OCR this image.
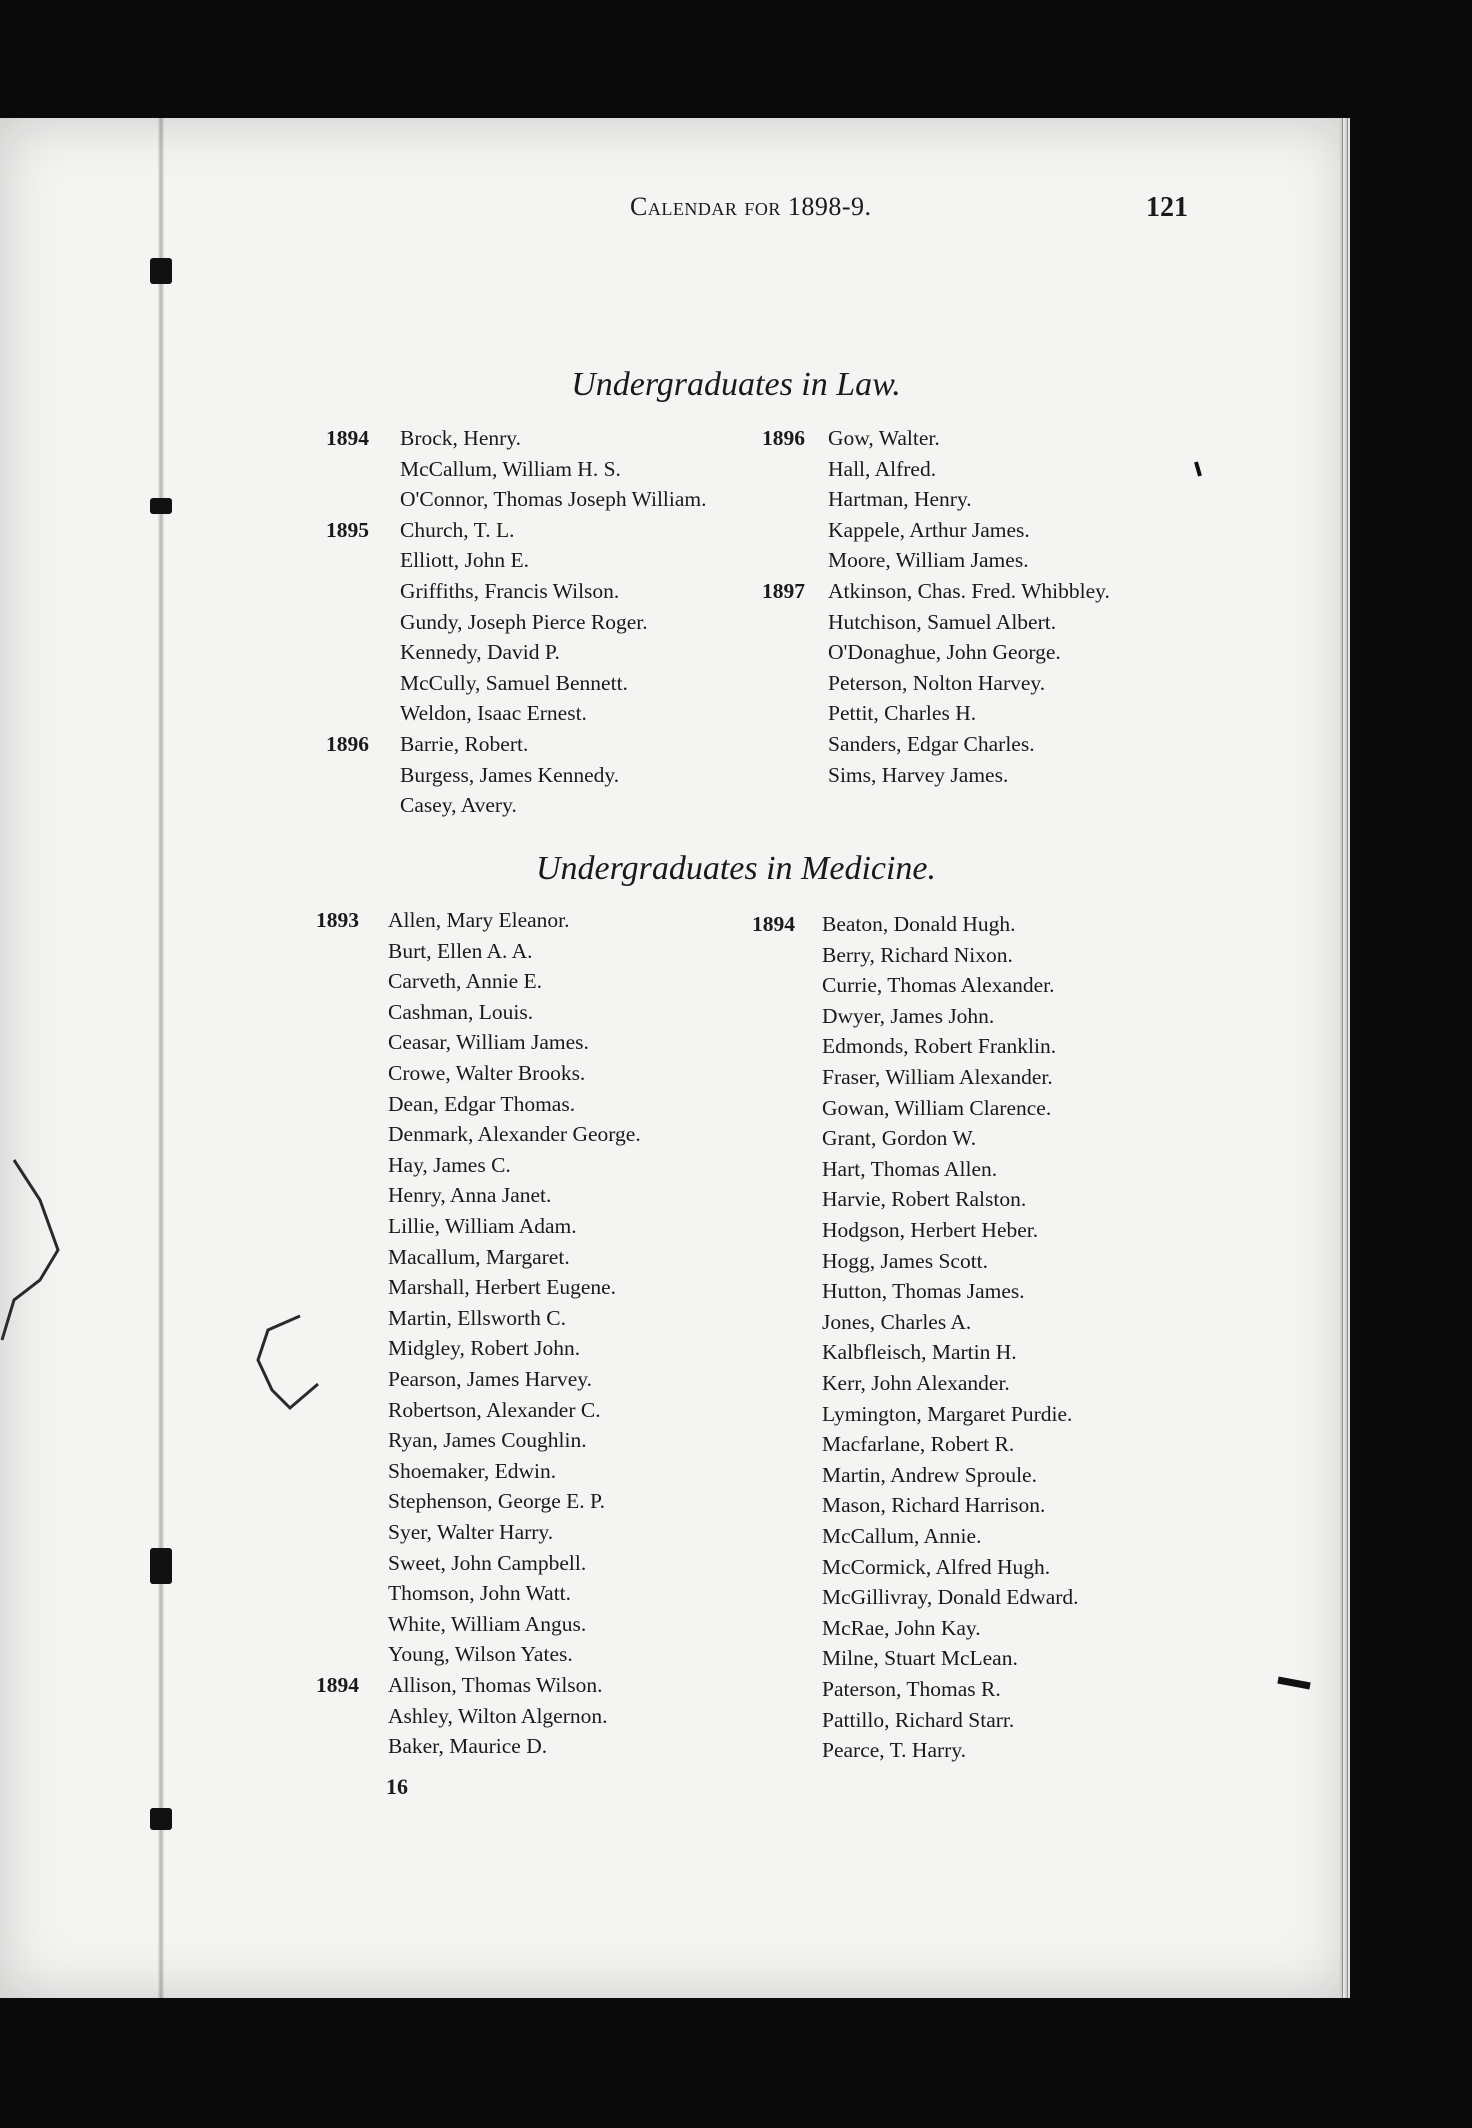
Calendar for 1898-9.	121
Undergraduates in Law.
1894 Brock, Henry.
McCallum, William H. S.
O'Connor, Thomas Joseph William.
1895 Church, T. L.
Elliott, John E.
Griffiths, Francis Wilson.
Gundy, Joseph Pierce Roger.
Kennedy, David P.
McCully, Samuel Bennett.
Weldon, Isaac Ernest.
1896 Barrie, Robert.
Burgess, James Kennedy.
Casey, Avery.
1896 Gow, Walter.
Hall, Alfred.
Hartman, Henry.
Kappele, Arthur James.
Moore, William James.
1897 Atkinson, Chas. Fred. Whibbley.
Hutchison, Samuel Albert.
O'Donaghue, John George.
Peterson, Nolton Harvey.
Pettit, Charles H.
Sanders, Edgar Charles.
Sims, Harvey James.
Undergraduates in Medicine.
1893 Allen, Mary Eleanor.
Burt, Ellen A. A.
Carveth, Annie E.
Cashman, Louis.
Ceasar, William James.
Crowe, Walter Brooks.
Dean, Edgar Thomas.
Denmark, Alexander George.
Hay, James C.
Henry, Anna Janet.
Lillie, William Adam.
Macallum, Margaret.
Marshall, Herbert Eugene.
Martin, Ellsworth C.
Midgley, Robert John.
Pearson, James Harvey.
Robertson, Alexander C.
Ryan, James Coughlin.
Shoemaker, Edwin.
Stephenson, George E. P.
Syer, Walter Harry.
Sweet, John Campbell.
Thomson, John Watt.
White, William Angus.
Young, Wilson Yates.
1894 Allison, Thomas Wilson.
Ashley, Wilton Algernon.
Baker, Maurice D.
1894 Beaton, Donald Hugh.
Berry, Richard Nixon.
Currie, Thomas Alexander.
Dwyer, James John.
Edmonds, Robert Franklin.
Fraser, William Alexander.
Gowan, William Clarence.
Grant, Gordon W.
Hart, Thomas Allen.
Harvie, Robert Ralston.
Hodgson, Herbert Heber.
Hogg, James Scott.
Hutton, Thomas James.
Jones, Charles A.
Kalbfleisch, Martin H.
Kerr, John Alexander.
Lymington, Margaret Purdie.
Macfarlane, Robert R.
Martin, Andrew Sproule.
Mason, Richard Harrison.
McCallum, Annie.
McCormick, Alfred Hugh.
McGillivray, Donald Edward.
McRae, John Kay.
Milne, Stuart McLean.
Paterson, Thomas R.
Pattillo, Richard Starr.
Pearce, T. Harry.
16
